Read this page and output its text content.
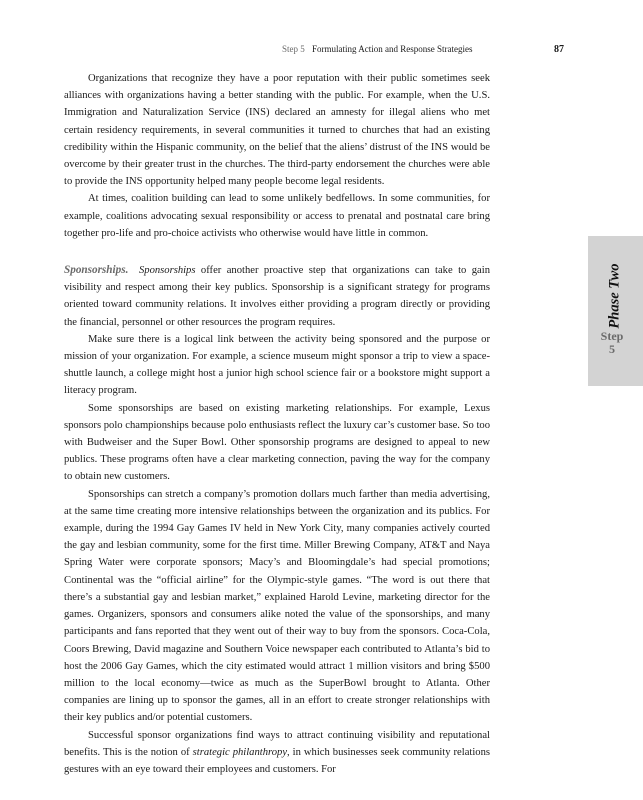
Step 5 Formulating Action and Response Strategies	87

Organizations that recognize they have a poor reputation with their public sometimes seek alliances with organizations having a better standing with the public. For example, when the U.S. Immigration and Naturalization Service (INS) declared an amnesty for illegal aliens who met certain residency requirements, in several communities it turned to churches that had an existing credibility within the Hispanic community, on the belief that the aliens’ distrust of the INS would be overcome by their greater trust in the churches. The third-party endorsement the churches were able to provide the INS opportunity helped many people become legal residents.

At times, coalition building can lead to some unlikely bedfellows. In some communities, for example, coalitions advocating sexual responsibility or access to prenatal and postnatal care bring together pro-life and pro-choice activists who otherwise would have little in common.

Sponsorships.  Sponsorships offer another proactive step that organizations can take to gain visibility and respect among their key publics. Sponsorship is a significant strategy for programs oriented toward community relations. It involves either providing a program directly or providing the financial, personnel or other resources the program requires.

Make sure there is a logical link between the activity being sponsored and the purpose or mission of your organization. For example, a science museum might sponsor a trip to view a space-shuttle launch, a college might host a junior high school science fair or a bookstore might support a literacy program.

Some sponsorships are based on existing marketing relationships. For example, Lexus sponsors polo championships because polo enthusiasts reflect the luxury car’s customer base. So too with Budweiser and the Super Bowl. Other sponsorship programs are designed to appeal to new publics. These programs often have a clear marketing connection, paving the way for the company to obtain new customers.

Sponsorships can stretch a company’s promotion dollars much farther than media advertising, at the same time creating more intensive relationships between the organization and its publics. For example, during the 1994 Gay Games IV held in New York City, many companies actively courted the gay and lesbian community, some for the first time. Miller Brewing Company, AT&T and Naya Spring Water were corporate sponsors; Macy’s and Bloomingdale’s had special promotions; Continental was the “official airline” for the Olympic-style games. “The word is out there that there’s a substantial gay and lesbian market,” explained Harold Levine, marketing director for the games. Organizers, sponsors and consumers alike noted the value of the sponsorships, and many participants and fans reported that they went out of their way to buy from the sponsors. Coca-Cola, Coors Brewing, David magazine and Southern Voice newspaper each contributed to Atlanta’s bid to host the 2006 Gay Games, which the city estimated would attract 1 million visitors and bring $500 million to the local economy—twice as much as the SuperBowl brought to Atlanta. Other companies are lining up to sponsor the games, all in an effort to create stronger relationships with their key publics and/or potential customers.

Successful sponsor organizations find ways to attract continuing visibility and reputational benefits. This is the notion of strategic philanthropy, in which businesses seek community relations gestures with an eye toward their employees and customers. For

Phase Two
Step
5
